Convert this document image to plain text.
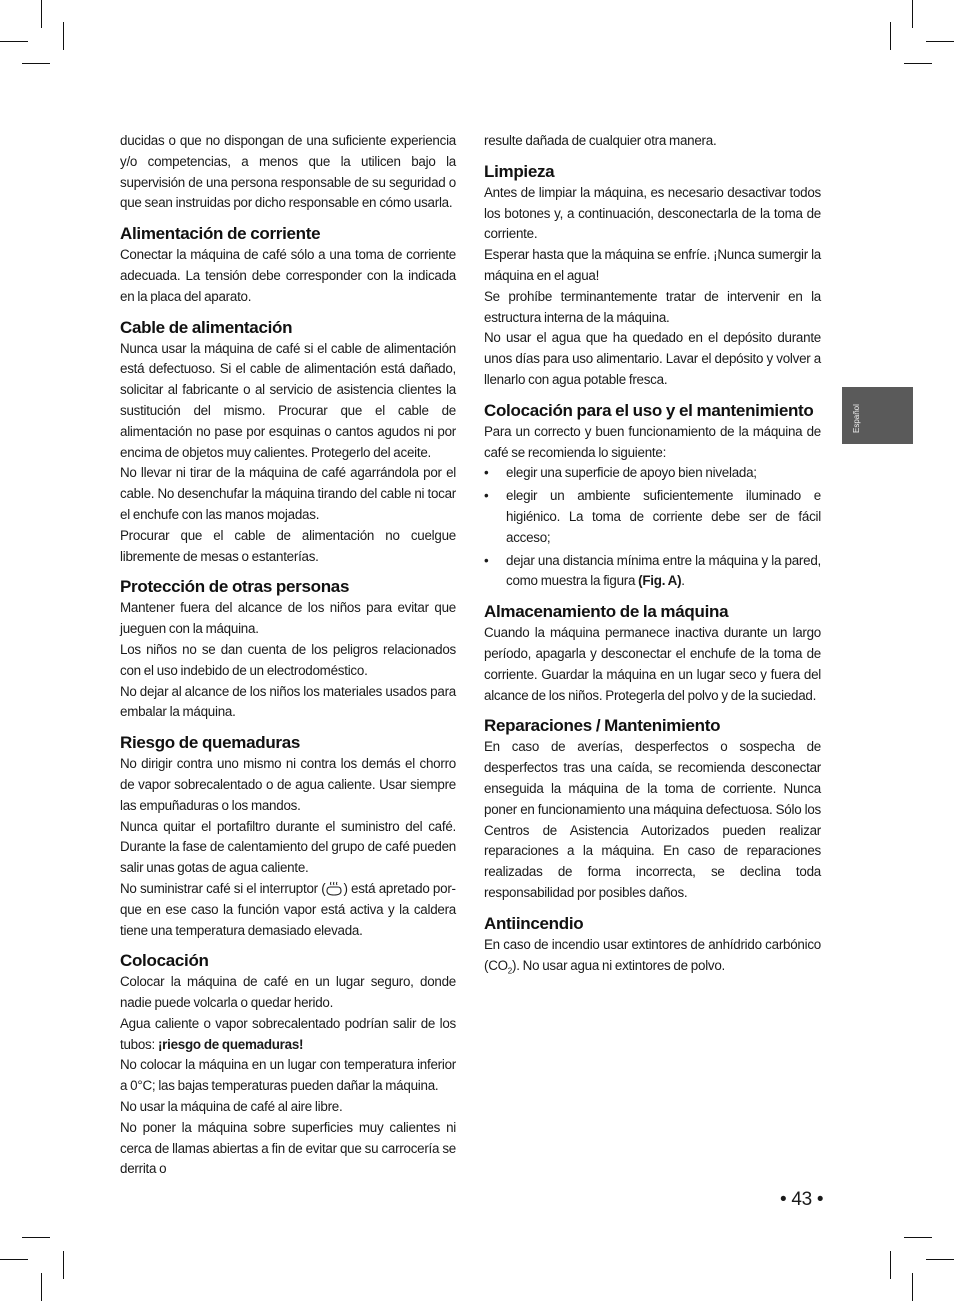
ducidas o que no dispongan de una suficiente experiencia y/o competencias, a menos que la utilicen bajo la supervisión de una persona responsable de su seguridad o que sean instruidas por dicho responsable en cómo usarla.

Alimentación de corriente

Conectar la máquina de café sólo a una toma de corriente adecuada. La tensión debe corresponder con la indicada en la placa del aparato.

Cable de alimentación

Nunca usar la máquina de café si el cable de alimentación está defectuoso. Si el cable de alimentación está dañado, solicitar al fabricante o al servicio de asistencia clientes la sustitución del mismo. Procurar que el cable de alimentación no pase por esquinas o cantos agudos ni por encima de objetos muy calientes. Protegerlo del aceite.

No llevar ni tirar de la máquina de café agarrándola por el cable. No desenchufar la máquina tirando del cable ni tocar el enchufe con las manos mojadas.

Procurar que el cable de alimentación no cuelgue libremente de mesas o estanterías.

Protección de otras personas

Mantener fuera del alcance de los niños para evitar que jueguen con la máquina.

Los niños no se dan cuenta de los peligros relacionados con el uso indebido de un electrodoméstico.

No dejar al alcance de los niños los materiales usados para embalar la máquina.

Riesgo de quemaduras

No dirigir contra uno mismo ni contra los demás el chorro de vapor sobrecalentado o de agua caliente. Usar siempre las empuñaduras o los mandos.

Nunca quitar el portafiltro durante el suministro del café. Durante la fase de calentamiento del grupo de café pueden salir unas gotas de agua caliente.

No suministrar café si el interruptor ( ) está apretado porque en ese caso la función vapor está activa y la caldera tiene una temperatura demasiado elevada.

Colocación

Colocar la máquina de café en un lugar seguro, donde nadie puede volcarla o quedar herido.

Agua caliente o vapor sobrecalentado podrían salir de los tubos: ¡riesgo de quemaduras!

No colocar la máquina en un lugar con temperatura inferior a 0°C; las bajas temperaturas pueden dañar la máquina.

No usar la máquina de café al aire libre.

No poner la máquina sobre superficies muy calientes ni cerca de llamas abiertas a fin de evitar que su carrocería se derrita o

resulte dañada de cualquier otra manera.

Limpieza

Antes de limpiar la máquina, es necesario desactivar todos los botones y, a continuación, desconectarla de la toma de corriente.

Esperar hasta que la máquina se enfríe. ¡Nunca sumergir la máquina en el agua!

Se prohíbe terminantemente tratar de intervenir en la estructura interna de la máquina.

No usar el agua que ha quedado en el depósito durante unos días para uso alimentario. Lavar el depósito y volver a llenarlo con agua potable fresca.

Colocación para el uso y el mantenimiento

Para un correcto y buen funcionamiento de la máquina de café se recomienda lo siguiente:

• elegir una superficie de apoyo bien nivelada;
• elegir un ambiente suficientemente iluminado e higiénico. La toma de corriente debe ser de fácil acceso;
• dejar una distancia mínima entre la máquina y la pared, como muestra la figura (Fig. A).
Almacenamiento de la máquina

Cuando la máquina permanece inactiva durante un largo período, apagarla y desconectar el enchufe de la toma de corriente. Guardar la máquina en un lugar seco y fuera del alcance de los niños. Protegerla del polvo y de la suciedad.

Reparaciones / Mantenimiento

En caso de averías, desperfectos o sospecha de desperfectos tras una caída, se recomienda desconectar enseguida la máquina de la toma de corriente. Nunca poner en funcionamiento una máquina defectuosa. Sólo los Centros de Asistencia Autorizados pueden realizar reparaciones a la máquina. En caso de reparaciones realizadas de forma incorrecta, se declina toda responsabilidad por posibles daños.

Antiincendio

En caso de incendio usar extintores de anhídrido carbónico $(CO_2)$. No usar agua ni extintores de polvo.

Español
• 43 •
